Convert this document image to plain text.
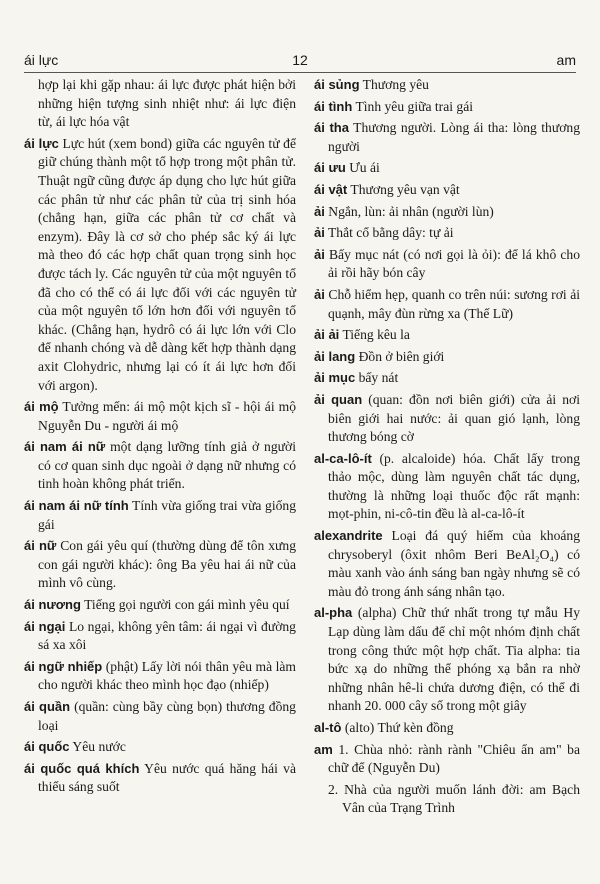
ái lực	12	am

hợp lại khi gặp nhau: ái lực được phát hiện bởi những hiện tượng sinh nhiệt như: ái lực điện từ, ái lực hóa vật

ái lực Lực hút (xem bond) giữa các nguyên tử để giữ chúng thành một tổ hợp trong một phân tử. Thuật ngữ cũng được áp dụng cho lực hút giữa các phân tử như các phân tử của trị sinh hóa (chẳng hạn, giữa các phân tử cơ chất và enzym). Đây là cơ sở cho phép sắc ký ái lực mà theo đó các hợp chất quan trọng sinh học được tách ly. Các nguyên tử của một nguyên tố đã cho có thể có ái lực đối với các nguyên tử của một nguyên tố lớn hơn đối với nguyên tố khác. (Chẳng hạn, hydrô có ái lực lớn với Clo để nhanh chóng và dễ dàng kết hợp thành dạng axit Clohydric, nhưng lại có ít ái lực hơn đối với argon).

ái mộ Tưởng mến: ái mộ một kịch sĩ - hội ái mộ Nguyễn Du - người ái mộ

ái nam ái nữ một dạng lưỡng tính giả ở người có cơ quan sinh dục ngoài ở dạng nữ nhưng có tinh hoàn không phát triển.

ái nam ái nữ tính Tính vừa giống trai vừa giống gái

ái nữ Con gái yêu quí (thường dùng để tôn xưng con gái người khác): ông Ba yêu hai ái nữ của mình vô cùng.

ái nương Tiếng gọi người con gái mình yêu quí

ái ngại Lo ngại, không yên tâm: ái ngại vì đường sá xa xôi

ái ngữ nhiếp (phật) Lấy lời nói thân yêu mà làm cho người khác theo mình học đạo (nhiếp)

ái quần (quần: cùng bầy cùng bọn) thương đồng loại

ái quốc Yêu nước

ái quốc quá khích Yêu nước quá hăng hái và thiếu sáng suốt

ái sủng Thương yêu

ái tình Tình yêu giữa trai gái

ái tha Thương người. Lòng ái tha: lòng thương người

ái ưu Ưu ái

ái vật Thương yêu vạn vật

ải Ngắn, lùn: ải nhân (người lùn)

ải Thắt cổ bằng dây: tự ải

ải Bấy mục nát (có nơi gọi là ỏi): để lá khô cho ải rồi hãy bón cây

ải Chỗ hiểm hẹp, quanh co trên núi: sương rơi ải quạnh, mây đùn rừng xa (Thế Lữ)

ải ải Tiếng kêu la

ải lang Đồn ở biên giới

ải mục bấy nát

ải quan (quan: đồn nơi biên giới) cửa ải nơi biên giới hai nước: ải quan gió lạnh, lòng thương bóng cờ

al-ca-lô-ít (p. alcaloide) hóa. Chất lấy trong thảo mộc, dùng làm nguyên chất tác dụng, thường là những loại thuốc độc rất mạnh: mọt-phin, ni-cô-tin đều là al-ca-lô-ít

alexandrite Loại đá quý hiếm của khoáng chrysoberyl (ôxit nhôm Beri BeAl₂O₄) có màu xanh vào ánh sáng ban ngày nhưng sẽ có màu đỏ trong ánh sáng nhân tạo.

al-pha (alpha) Chữ thứ nhất trong tự mẫu Hy Lạp dùng làm dấu để chỉ một nhóm định chất trong công thức một hợp chất. Tia alpha: tia bức xạ do những thể phóng xạ bắn ra nhờ những nhân hê-li chứa dương điện, có thể đi nhanh 20. 000 cây số trong một giây

al-tô (alto) Thứ kèn đồng

am 1. Chùa nhỏ: rành rành "Chiêu ẩn am" ba chữ để (Nguyễn Du)

2. Nhà của người muốn lánh đời: am Bạch Vân của Trạng Trình
